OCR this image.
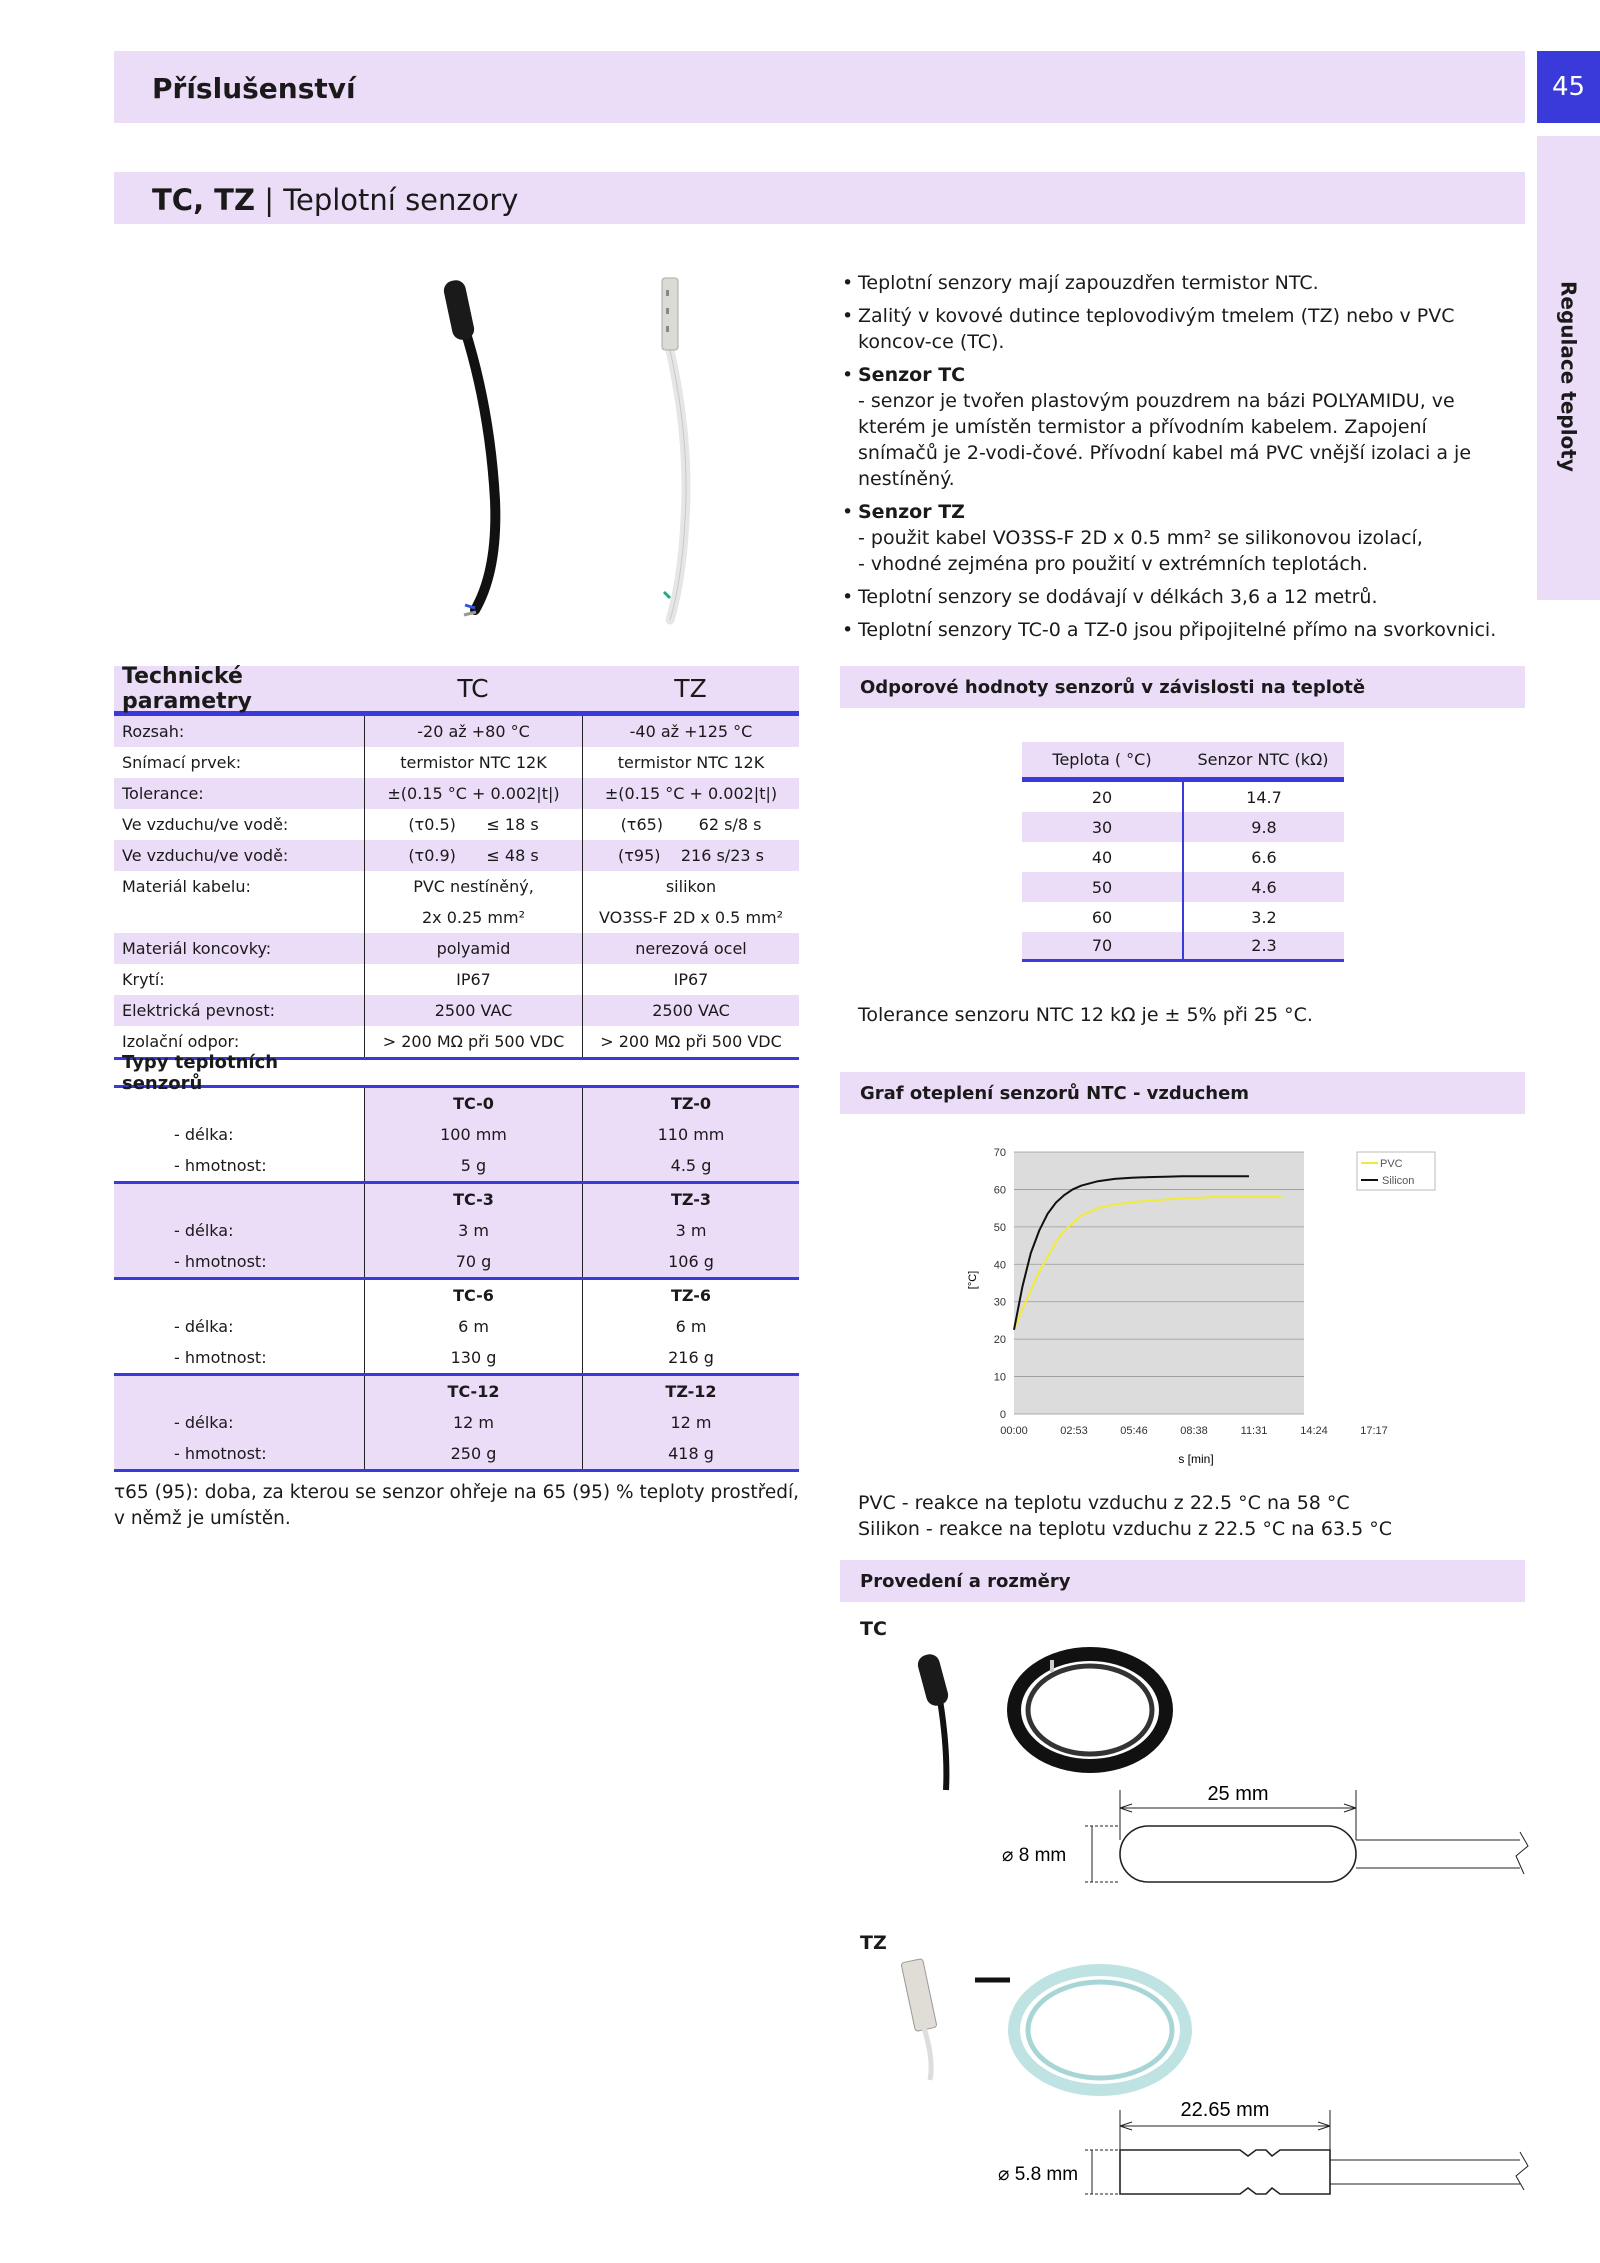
Příslušenství	45
Regulace teploty
TC, TZ | Teplotní senzory
• Teplotní senzory mají zapouzdřen termistor NTC.
• Zalitý v kovové dutince teplovodivým tmelem (TZ) nebo v PVC koncov-ce (TC).
• Senzor TC
- senzor je tvořen plastovým pouzdrem na bázi POLYAMIDU, ve kterém je umístěn termistor a přívodním kabelem. Zapojení snímačů je 2-vodi-čové. Přívodní kabel má PVC vnější izolaci a je nestíněný.
• Senzor TZ
- použit kabel VO3SS-F 2D x 0.5 mm² se silikonovou izolací,
- vhodné zejména pro použití v extrémních teplotách.
• Teplotní senzory se dodávají v délkách 3,6 a 12 metrů.
• Teplotní senzory TC-0 a TZ-0 jsou připojitelné přímo na svorkovnici.
Technické parametry	TC	TZ
Rozsah:	-20 až +80 °C	-40 až +125 °C
Snímací prvek:	termistor NTC 12K	termistor NTC 12K
Tolerance:	±(0.15 °C + 0.002|t|)	±(0.15 °C + 0.002|t|)
Ve vzduchu/ve vodě:	(τ0.5)      ≤ 18 s	(τ65)       62 s/8 s
Ve vzduchu/ve vodě:	(τ0.9)      ≤ 48 s	(τ95)    216 s/23 s
Materiál kabelu:	PVC nestíněný,	silikon
2x 0.25 mm²	VO3SS-F 2D x 0.5 mm²
Materiál koncovky:	polyamid	nerezová ocel
Krytí:	IP67	IP67
Elektrická pevnost:	2500 VAC	2500 VAC
Izolační odpor:	> 200 MΩ při 500 VDC	> 200 MΩ při 500 VDC
Typy teplotních senzorů
TC-0	TZ-0
- délka:	100 mm	110 mm
- hmotnost:	5 g	4.5 g
TC-3	TZ-3
- délka:	3 m	3 m
- hmotnost:	70 g	106 g
TC-6	TZ-6
- délka:	6 m	6 m
- hmotnost:	130 g	216 g
TC-12	TZ-12
- délka:	12 m	12 m
- hmotnost:	250 g	418 g
τ65 (95): doba, za kterou se senzor ohřeje na 65 (95) % teploty prostředí, v němž je umístěn.
Odporové hodnoty senzorů v závislosti na teplotě
Teplota ( °C)	Senzor NTC (kΩ)
20	14.7
30	9.8
40	6.6
50	4.6
60	3.2
70	2.3
Tolerance senzoru NTC 12 kΩ je ± 5% při 25 °C.
Graf oteplení senzorů NTC - vzduchem
0
10
20
30
40
50
60
70
00:00	02:53	05:46	08:38	11:31	14:24	17:17
[°C]
s [min]
PVC
Silicon
PVC - reakce na teplotu vzduchu z 22.5 °C na 58 °C
Silikon - reakce na teplotu vzduchu z 22.5 °C na 63.5 °C
Provedení a rozměry
TC
TZ
25 mm
⌀ 8 mm
22.65 mm
⌀ 5.8 mm
